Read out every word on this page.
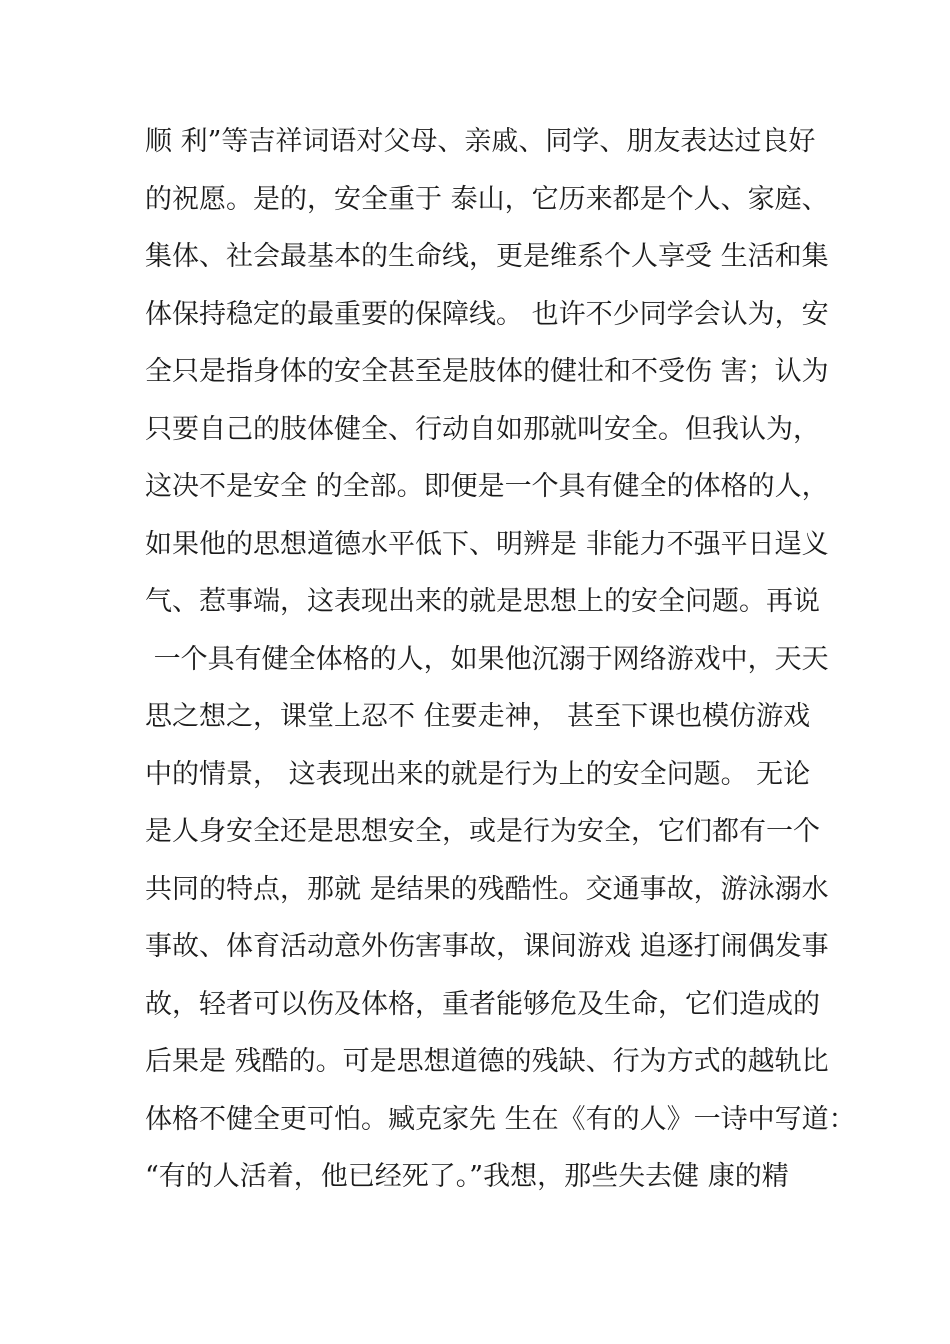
顺 利”等吉祥词语对父母、亲戚、同学、朋友表达过良好
的祝愿。是的，安全重于 泰山，它历来都是个人、家庭、
集体、社会最基本的生命线，更是维系个人享受 生活和集
体保持稳定的最重要的保障线。 也许不少同学会认为，安
全只是指身体的安全甚至是肢体的健壮和不受伤 害；认为
只要自己的肢体健全、行动自如那就叫安全。但我认为，
这决不是安全 的全部。即便是一个具有健全的体格的人，
如果他的思想道德水平低下、明辨是 非能力不强平日逞义
气、惹事端，这表现出来的就是思想上的安全问题。再说
一个具有健全体格的人，如果他沉溺于网络游戏中，天天
思之想之，课堂上忍不 住要走神， 甚至下课也模仿游戏
中的情景， 这表现出来的就是行为上的安全问题。 无论
是人身安全还是思想安全，或是行为安全，它们都有一个
共同的特点，那就 是结果的残酷性。交通事故，游泳溺水
事故、体育活动意外伤害事故，课间游戏 追逐打闹偶发事
故，轻者可以伤及体格，重者能够危及生命，它们造成的
后果是 残酷的。可是思想道德的残缺、行为方式的越轨比
体格不健全更可怕。臧克家先 生在《有的人》一诗中写道：
“有的人活着，他已经死了。”我想，那些失去健 康的精
